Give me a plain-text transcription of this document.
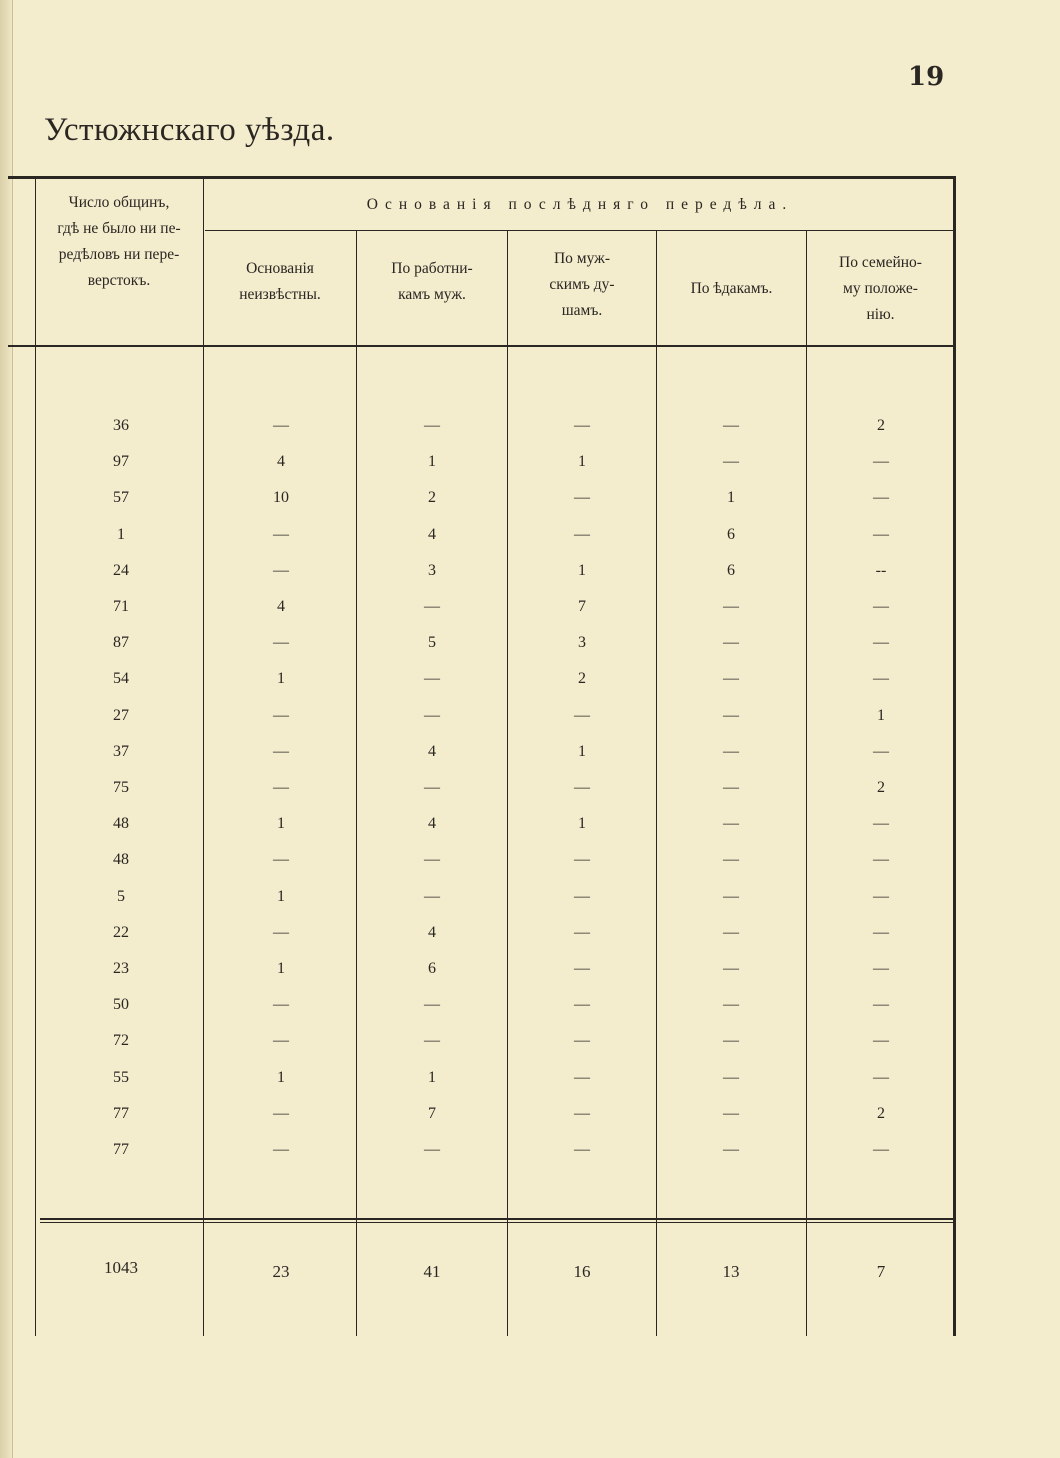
19
Устюжнскаго уѣзда.
Число общинъ,
гдѣ не было ни пе-
редѣловъ ни пере-
верстокъ.
Основанія послѣдняго передѣла.
Основанія
неизвѣстны.
По работни-
камъ муж.
По муж-
скимъ ду-
шамъ.
По ѣдакамъ.
По семейно-
му положе-
нію.
36	—	—	—	—	2
97	4	1	1	—	—
57	10	2	—	1	—
1	—	4	—	6	—
24	—	3	1	6	--
71	4	—	7	—	—
87	—	5	3	—	—
54	1	—	2	—	—
27	—	—	—	—	1
37	—	4	1	—	—
75	—	—	—	—	2
48	1	4	1	—	—
48	—	—	—	—	—
5	1	—	—	—	—
22	—	4	—	—	—
23	1	6	—	—	—
50	—	—	—	—	—
72	—	—	—	—	—
55	1	1	—	—	—
77	—	7	—	—	2
77	—	—	—	—	—
1043	23	41	16	13	7
